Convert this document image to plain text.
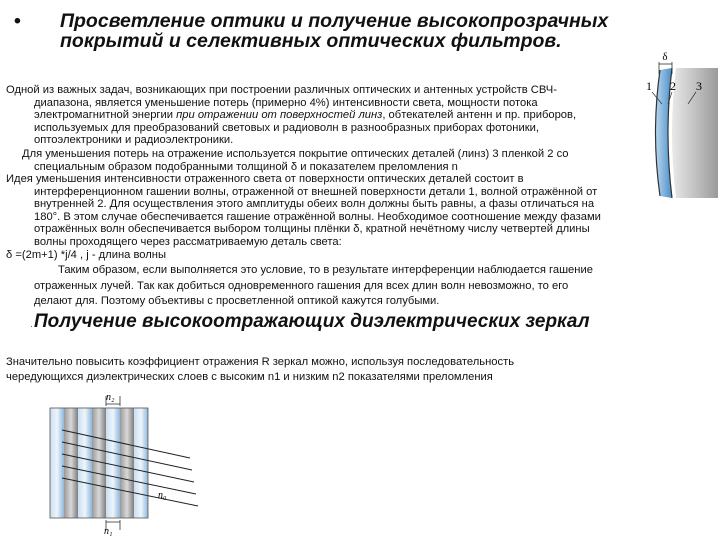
• Просветление оптики и получение высокопрозрачных
покрытий и селективных оптических фильтров.
Одной из важных задач, возникающих при построении различных оптических и антенных устройств СВЧ-
диапазона, является уменьшение потерь (примерно 4%) интенсивности света, мощности потока
электромагнитной энергии при отражении от поверхностей линз, обтекателей антенн и пр. приборов,
используемых для преобразований световых и радиоволн в разнообразных приборах фотоники,
оптоэлектроники и радиоэлектроники.
Для уменьшения потерь на отражение используется покрытие оптических деталей (линз) 3 пленкой 2 со
специальным образом подобранными толщиной δ и показателем преломления n
Идея уменьшения интенсивности отраженного света от поверхности оптических деталей состоит в
интерференционном гашении волны, отраженной от внешней поверхности детали 1, волной отражённой от
внутренней 2. Для осуществления этого амплитуды обеих волн должны быть равны, а фазы отличаться на
180°. В этом случае обеспечивается гашение отражённой волны. Необходимое соотношение между фазами
отражённых волн обеспечивается выбором толщины плёнки δ, кратной нечётному числу четвертей длины
волны проходящего через рассматриваемую деталь света:
δ =(2m+1) *j/4 , j - длина волны
Таким образом, если выполняется это условие, то в результате интерференции наблюдается гашение
отраженных лучей. Так как добиться одновременного гашения для всех длин волн невозможно, то его
делают для. Поэтому объективы с просветленной оптикой кажутся голубыми.
δ
1 2 3
· Получение высокоотражающих диэлектрических зеркал
Значительно повысить коэффициент отражения R зеркал можно, используя последовательность
чередующихся диэлектрических слоев с высоким n1 и низким n2 показателями преломления
n₂
n₀
n₁
